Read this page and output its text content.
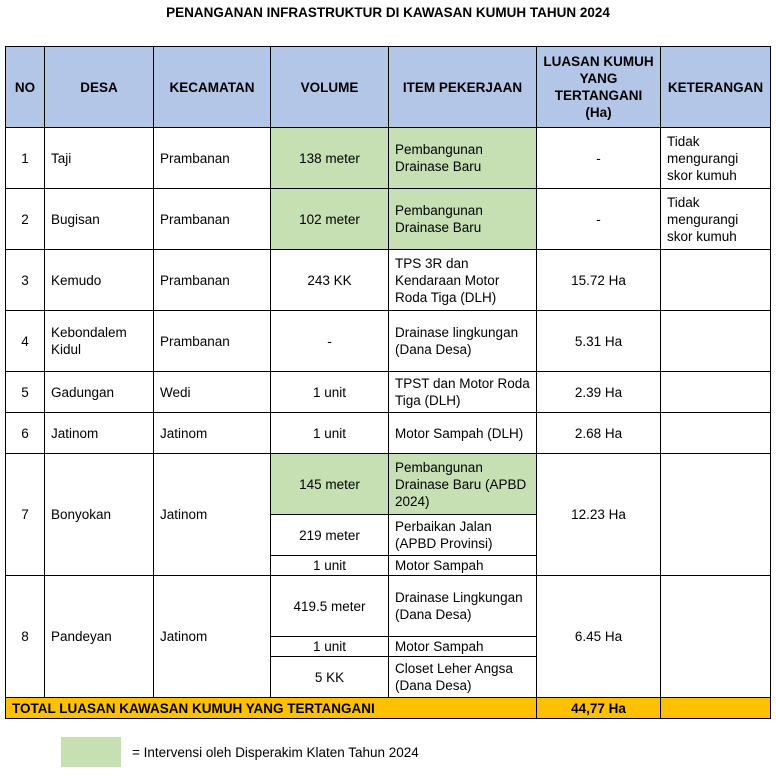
PENANGANAN INFRASTRUKTUR DI KAWASAN KUMUH TAHUN 2024
NO	DESA	KECAMATAN	VOLUME	ITEM PEKERJAAN	LUASAN KUMUH YANG TERTANGANI (Ha)	KETERANGAN
1	Taji	Prambanan	138 meter	Pembangunan Drainase Baru	-	Tidak mengurangi skor kumuh
2	Bugisan	Prambanan	102 meter	Pembangunan Drainase Baru	-	Tidak mengurangi skor kumuh
3	Kemudo	Prambanan	243 KK	TPS 3R dan Kendaraan Motor Roda Tiga (DLH)	15.72 Ha	
4	Kebondalem Kidul	Prambanan	-	Drainase lingkungan (Dana Desa)	5.31 Ha	
5	Gadungan	Wedi	1 unit	TPST dan Motor Roda Tiga (DLH)	2.39 Ha	
6	Jatinom	Jatinom	1 unit	Motor Sampah (DLH)	2.68 Ha	
7	Bonyokan	Jatinom	145 meter	Pembangunan Drainase Baru (APBD 2024)	12.23 Ha	
			219 meter	Perbaikan Jalan (APBD Provinsi)		
			1 unit	Motor Sampah		
8	Pandeyan	Jatinom	419.5 meter	Drainase Lingkungan (Dana Desa)	6.45 Ha	
			1 unit	Motor Sampah		
			5 KK	Closet Leher Angsa (Dana Desa)		
TOTAL LUASAN KAWASAN KUMUH YANG TERTANGANI					44,77 Ha	
= Intervensi oleh Disperakim Klaten Tahun 2024
